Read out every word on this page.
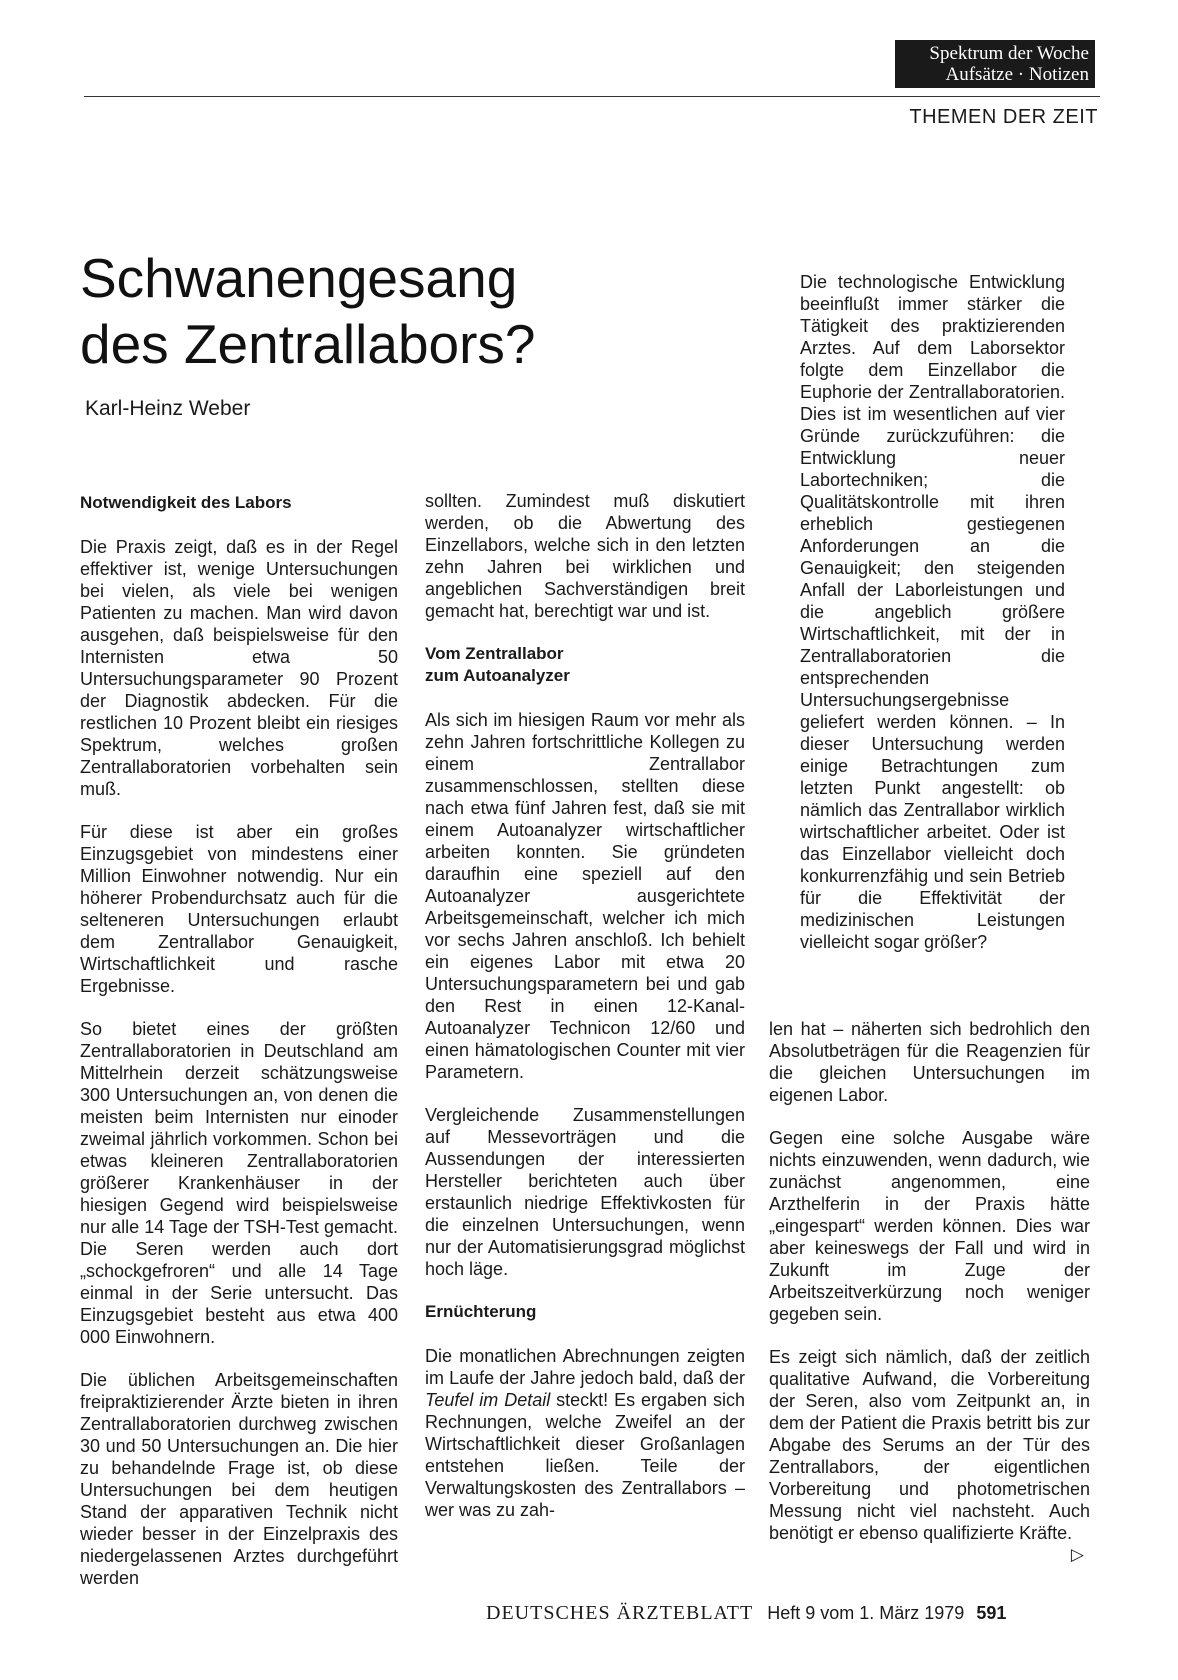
Spektrum der Woche
Aufsätze · Notizen
THEMEN DER ZEIT
Schwanengesang
des Zentrallabors?
Karl-Heinz Weber
Notwendigkeit des Labors

Die Praxis zeigt, daß es in der Regel effektiver ist, wenige Untersuchungen bei vielen, als viele bei wenigen Patienten zu machen. Man wird davon ausgehen, daß beispielsweise für den Internisten etwa 50 Untersuchungsparameter 90 Prozent der Diagnostik abdecken. Für die restlichen 10 Prozent bleibt ein riesiges Spektrum, welches großen Zentrallaboratorien vorbehalten sein muß.

Für diese ist aber ein großes Einzugsgebiet von mindestens einer Million Einwohner notwendig. Nur ein höherer Probendurchsatz auch für die selteneren Untersuchungen erlaubt dem Zentrallabor Genauigkeit, Wirtschaftlichkeit und rasche Ergebnisse.

So bietet eines der größten Zentrallaboratorien in Deutschland am Mittelrhein derzeit schätzungsweise 300 Untersuchungen an, von denen die meisten beim Internisten nur einoder zweimal jährlich vorkommen. Schon bei etwas kleineren Zentrallaboratorien größerer Krankenhäuser in der hiesigen Gegend wird beispielsweise nur alle 14 Tage der TSH-Test gemacht. Die Seren werden auch dort „schockgefroren“ und alle 14 Tage einmal in der Serie untersucht. Das Einzugsgebiet besteht aus etwa 400 000 Einwohnern.

Die üblichen Arbeitsgemeinschaften freipraktizierender Ärzte bieten in ihren Zentrallaboratorien durchweg zwischen 30 und 50 Untersuchungen an. Die hier zu behandelnde Frage ist, ob diese Untersuchungen bei dem heutigen Stand der apparativen Technik nicht wieder besser in der Einzelpraxis des niedergelassenen Arztes durchgeführt werden

sollten. Zumindest muß diskutiert werden, ob die Abwertung des Einzellabors, welche sich in den letzten zehn Jahren bei wirklichen und angeblichen Sachverständigen breit gemacht hat, berechtigt war und ist.

Vom Zentrallabor
zum Autoanalyzer

Als sich im hiesigen Raum vor mehr als zehn Jahren fortschrittliche Kollegen zu einem Zentrallabor zusammenschlossen, stellten diese nach etwa fünf Jahren fest, daß sie mit einem Autoanalyzer wirtschaftlicher arbeiten konnten. Sie gründeten daraufhin eine speziell auf den Autoanalyzer ausgerichtete Arbeitsgemeinschaft, welcher ich mich vor sechs Jahren anschloß. Ich behielt ein eigenes Labor mit etwa 20 Untersuchungsparametern bei und gab den Rest in einen 12-Kanal-Autoanalyzer Technicon 12/60 und einen hämatologischen Counter mit vier Parametern.

Vergleichende Zusammenstellungen auf Messevorträgen und die Aussendungen der interessierten Hersteller berichteten auch über erstaunlich niedrige Effektivkosten für die einzelnen Untersuchungen, wenn nur der Automatisierungsgrad möglichst hoch läge.

Ernüchterung

Die monatlichen Abrechnungen zeigten im Laufe der Jahre jedoch bald, daß der Teufel im Detail steckt! Es ergaben sich Rechnungen, welche Zweifel an der Wirtschaftlichkeit dieser Großanlagen entstehen ließen. Teile der Verwaltungskosten des Zentrallabors – wer was zu zah-

Die technologische Entwicklung beeinflußt immer stärker die Tätigkeit des praktizierenden Arztes. Auf dem Laborsektor folgte dem Einzellabor die Euphorie der Zentrallaboratorien. Dies ist im wesentlichen auf vier Gründe zurückzuführen: die Entwicklung neuer Labortechniken; die Qualitätskontrolle mit ihren erheblich gestiegenen Anforderungen an die Genauigkeit; den steigenden Anfall der Laborleistungen und die angeblich größere Wirtschaftlichkeit, mit der in Zentrallaboratorien die entsprechenden Untersuchungsergebnisse geliefert werden können. – In dieser Untersuchung werden einige Betrachtungen zum letzten Punkt angestellt: ob nämlich das Zentrallabor wirklich wirtschaftlicher arbeitet. Oder ist das Einzellabor vielleicht doch konkurrenzfähig und sein Betrieb für die Effektivität der medizinischen Leistungen vielleicht sogar größer?

len hat – näherten sich bedrohlich den Absolutbeträgen für die Reagenzien für die gleichen Untersuchungen im eigenen Labor.

Gegen eine solche Ausgabe wäre nichts einzuwenden, wenn dadurch, wie zunächst angenommen, eine Arzthelferin in der Praxis hätte „eingespart“ werden können. Dies war aber keineswegs der Fall und wird in Zukunft im Zuge der Arbeitszeitverkürzung noch weniger gegeben sein.

Es zeigt sich nämlich, daß der zeitlich qualitative Aufwand, die Vorbereitung der Seren, also vom Zeitpunkt an, in dem der Patient die Praxis betritt bis zur Abgabe des Serums an der Tür des Zentrallabors, der eigentlichen Vorbereitung und photometrischen Messung nicht viel nachsteht. Auch benötigt er ebenso qualifizierte Kräfte.
▷

DEUTSCHES ÄRZTEBLATT Heft 9 vom 1. März 1979 591
